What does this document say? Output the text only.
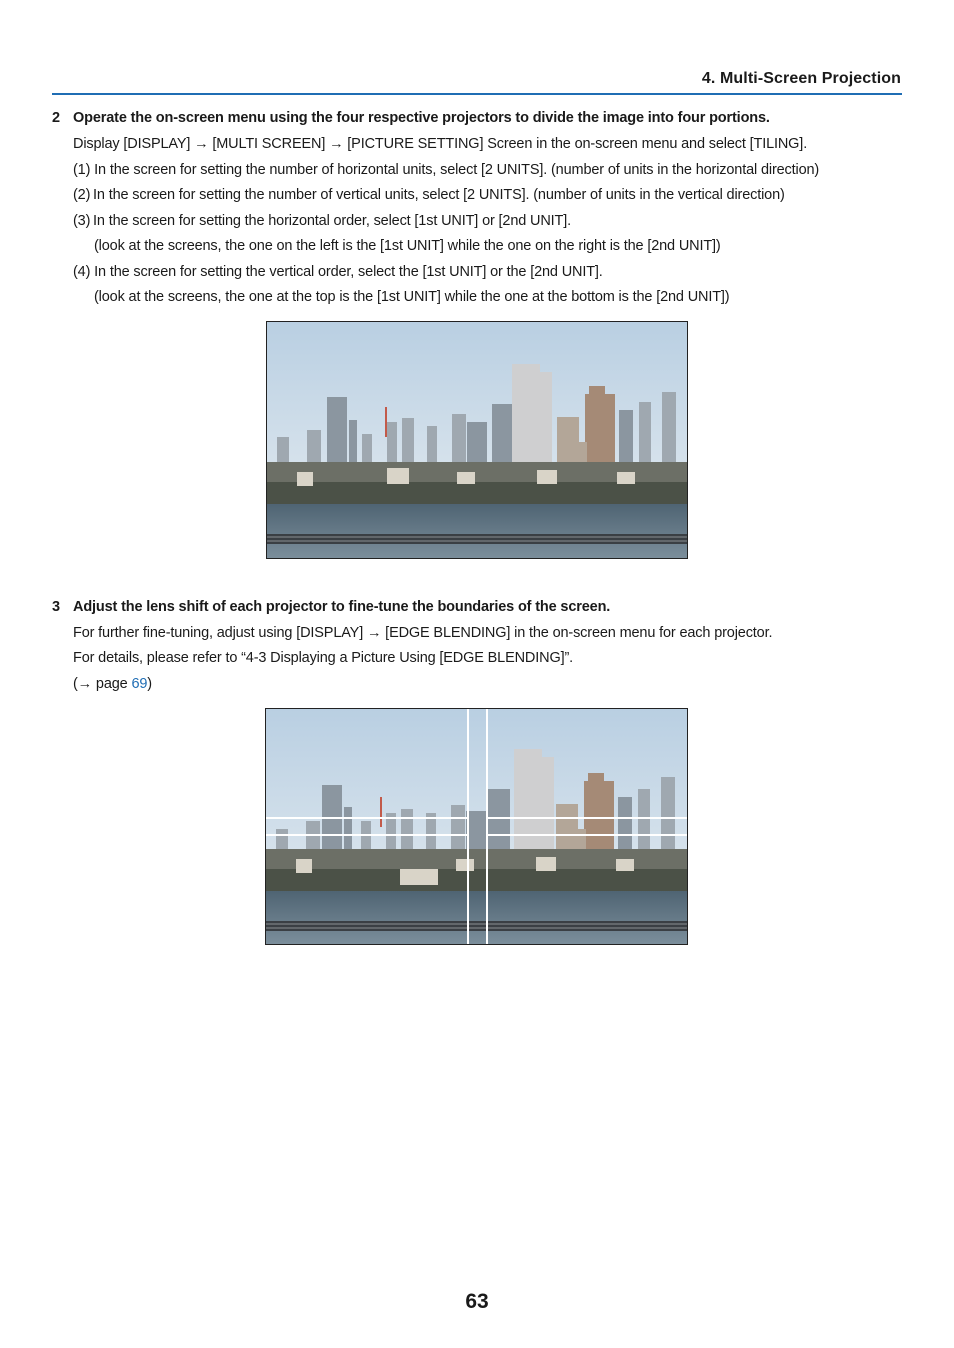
4. Multi-Screen Projection
2 Operate the on-screen menu using the four respective projectors to divide the image into four portions.
Display [DISPLAY] → [MULTI SCREEN] → [PICTURE SETTING] Screen in the on-screen menu and select [TILING].
(1) In the screen for setting the number of horizontal units, select [2 UNITS]. (number of units in the horizontal direction)
(2) In the screen for setting the number of vertical units, select [2 UNITS]. (number of units in the vertical direction)
(3) In the screen for setting the horizontal order, select [1st UNIT] or [2nd UNIT].
(look at the screens, the one on the left is the [1st UNIT] while the one on the right is the [2nd UNIT])
(4) In the screen for setting the vertical order, select the [1st UNIT] or the [2nd UNIT].
(look at the screens, the one at the top is the [1st UNIT] while the one at the bottom is the [2nd UNIT])
3 Adjust the lens shift of each projector to fine-tune the boundaries of the screen.
For further fine-tuning, adjust using [DISPLAY] → [EDGE BLENDING] in the on-screen menu for each projector.
For details, please refer to “4-3 Displaying a Picture Using [EDGE BLENDING]”.
(→ page 69)
63
